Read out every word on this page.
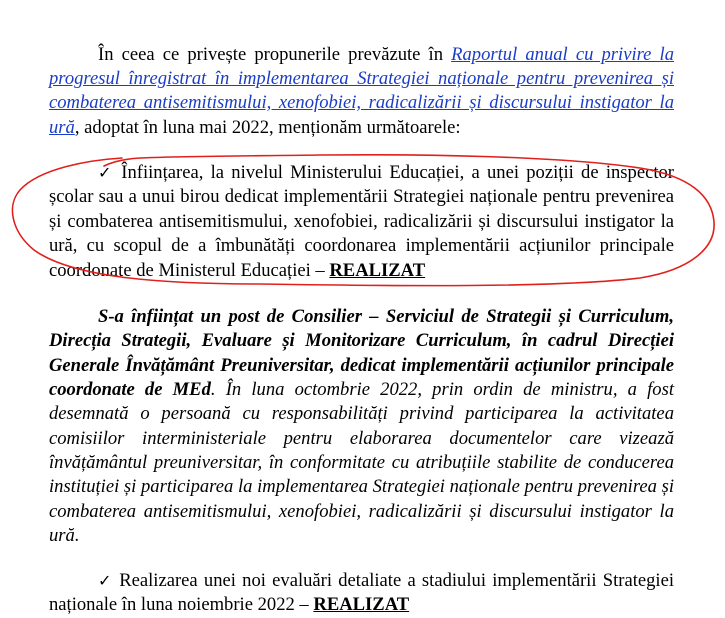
În ceea ce privește propunerile prevăzute în Raportul anual cu privire la
progresul înregistrat în implementarea Strategiei naționale pentru prevenirea și
combaterea antisemitismului, xenofobiei, radicalizării și discursului instigator la
ură, adoptat în luna mai 2022, menționăm următoarele:
✓ Înființarea, la nivelul Ministerului Educației, a unei poziții de inspector
școlar sau a unui birou dedicat implementării Strategiei naționale pentru prevenirea
și combaterea antisemitismului, xenofobiei, radicalizării și discursului instigator la
ură, cu scopul de a îmbunătăți coordonarea implementării acțiunilor principale
coordonate de Ministerul Educației – REALIZAT
S-a înființat un post de Consilier – Serviciul de Strategii și Curriculum,
Direcția Strategii, Evaluare și Monitorizare Curriculum, în cadrul Direcției
Generale Învățământ Preuniversitar, dedicat implementării acțiunilor principale
coordonate de MEd. În luna octombrie 2022, prin ordin de ministru, a fost
desemnată o persoană cu responsabilități privind participarea la activitatea
comisiilor interministeriale pentru elaborarea documentelor care vizează
învățământul preuniversitar, în conformitate cu atribuțiile stabilite de conducerea
instituției și participarea la implementarea Strategiei naționale pentru prevenirea și
combaterea antisemitismului, xenofobiei, radicalizării și discursului instigator la
ură.
✓ Realizarea unei noi evaluări detaliate a stadiului implementării Strategiei
naționale în luna noiembrie 2022 – REALIZAT
